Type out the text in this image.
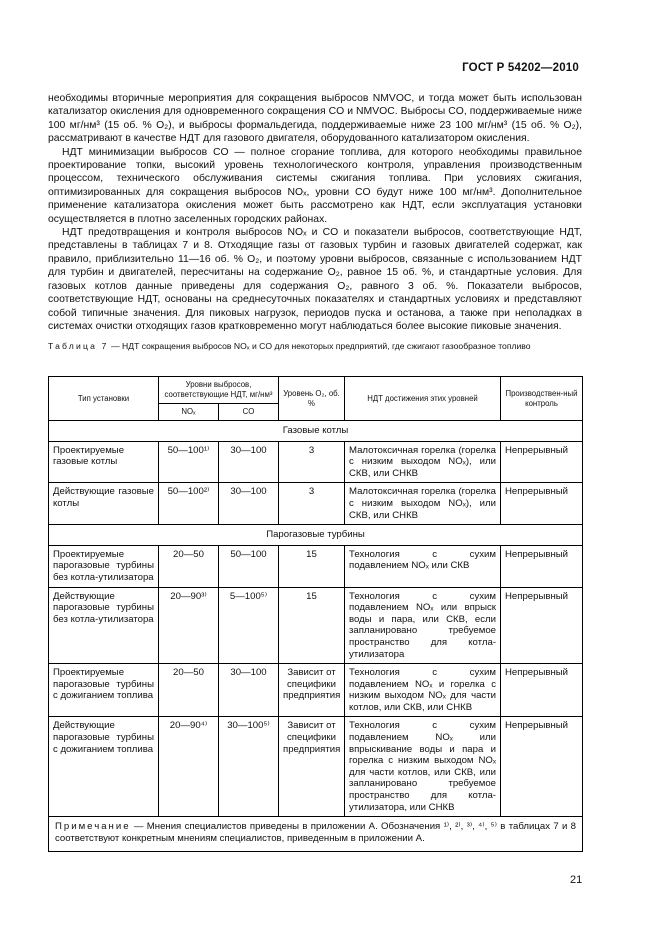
ГОСТ Р 54202—2010

необходимы вторичные мероприятия для сокращения выбросов NMVOC, и тогда может быть использован катализатор окисления для одновременного сокращения CO и NMVOC. Выбросы CO, поддерживаемые ниже 100 мг/нм³ (15 об. % O₂), и выбросы формальдегида, поддерживаемые ниже 23 100 мг/нм³ (15 об. % O₂), рассматривают в качестве НДТ для газового двигателя, оборудованного катализатором окисления.

НДТ минимизации выбросов CO — полное сгорание топлива, для которого необходимы правильное проектирование топки, высокий уровень технологического контроля, управления производственным процессом, технического обслуживания системы сжигания топлива. При условиях сжигания, оптимизированных для сокращения выбросов NOₓ, уровни CO будут ниже 100 мг/нм³. Дополнительное применение катализатора окисления может быть рассмотрено как НДТ, если эксплуатация установки осуществляется в плотно заселенных городских районах.

НДТ предотвращения и контроля выбросов NOₓ и CO и показатели выбросов, соответствующие НДТ, представлены в таблицах 7 и 8. Отходящие газы от газовых турбин и газовых двигателей содержат, как правило, приблизительно 11—16 об. % O₂, и поэтому уровни выбросов, связанные с использованием НДТ для турбин и двигателей, пересчитаны на содержание O₂, равное 15 об. %, и стандартные условия. Для газовых котлов данные приведены для содержания O₂, равного 3 об. %. Показатели выбросов, соответствующие НДТ, основаны на среднесуточных показателях и стандартных условиях и представляют собой типичные значения. Для пиковых нагрузок, периодов пуска и останова, а также при неполадках в системах очистки отходящих газов кратковременно могут наблюдаться более высокие пиковые значения.

Таблица 7 — НДТ сокращения выбросов NOₓ и CO для некоторых предприятий, где сжигают газообразное топливо
Тип установки	Уровни выбросов, соответствующие НДТ, мг/нм³		Уровень O₂, об. %	НДТ достижения этих уровней	Производствен-ный контроль
	NOₓ	CO			
Газовые котлы					
Проектируемые газовые котлы	50—100¹⁾	30—100	3	Малотоксичная горелка (горелка с низким выходом NOₓ), или СКВ, или СНКВ	Непрерывный
Действующие газовые котлы	50—100²⁾	30—100	3	Малотоксичная горелка (горелка с низким выходом NOₓ), или СКВ, или СНКВ	Непрерывный
Парогазовые турбины					
Проектируемые парогазовые турбины без котла-утилизатора	20—50	50—100	15	Технология с сухим подавлением NOₓ или СКВ	Непрерывный
Действующие парогазовые турбины без котла-утилизатора	20—90³⁾	5—100⁵⁾	15	Технология с сухим подавлением NOₓ или впрыск воды и пара, или СКВ, если запланировано требуемое пространство для котла-утилизатора	Непрерывный
Проектируемые парогазовые турбины с дожиганием топлива	20—50	30—100	Зависит от специфики предприятия	Технология с сухим подавлением NOₓ и горелка с низким выходом NOₓ для части котлов, или СКВ, или СНКВ	Непрерывный
Действующие парогазовые турбины с дожиганием топлива	20—90⁴⁾	30—100⁵⁾	Зависит от специфики предприятия	Технология с сухим подавлением NOₓ или впрыскивание воды и пара и горелка с низким выходом NOₓ для части котлов, или СКВ, или запланировано требуемое пространство для котла-утилизатора, или СНКВ	Непрерывный
Примечание — Мнения специалистов приведены в приложении А. Обозначения ¹⁾, ²⁾, ³⁾, ⁴⁾, ⁵⁾ в таблицах 7 и 8 соответствуют конкретным мнениям специалистов, приведенным в приложении А.					
21
